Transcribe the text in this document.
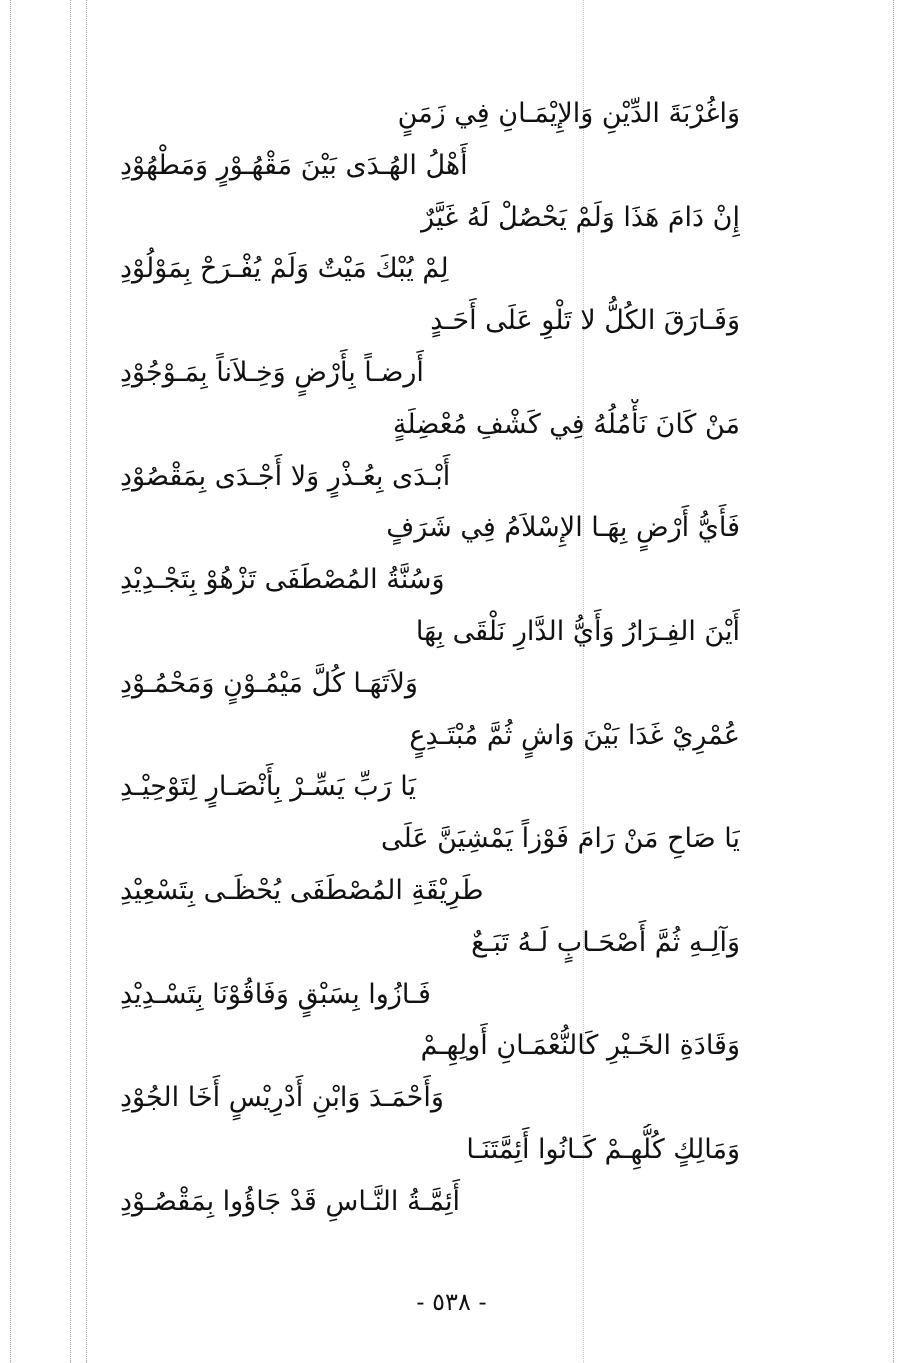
وَاغُرْبَةَ الدِّيْنِ وَالإِيْمَـانِ فِي زَمَنٍ
أَهْلُ الهُـدَى بَيْنَ مَقْهُـوْرٍ وَمَطْهُوْدِ
إِنْ دَامَ هَذَا وَلَمْ يَحْصُلْ لَهُ غَيَّرٌ
لِمْ يُبْكَ مَيْتٌ وَلَمْ يُفْـرَحْ بِمَوْلُوْدِ
وَفَـارَقَ الكُلُّ لا تَلْوِ عَلَى أَحَـدٍ
أَرضـاً بِأَرْضٍ وَخِـلاَناً بِمَـوْجُوْدِ
مَنْ كَانَ نَأْمُلُهُ فِي كَشْفِ مُعْضِلَةٍ
أَبْـدَى بِعُـذْرٍ وَلا أَجْـدَى بِمَقْصُوْدِ
فَأَيُّ أَرْضٍ بِهَـا الإِسْلاَمُ فِي شَرَفٍ
وَسُنَّةُ المُصْطَفَى تَزْهُوْ بِتَجْـدِيْدِ
أَيْنَ الفِـرَارُ وَأَيُّ الدَّارِ نَلْقَى بِهَا
وَلاَتَهَـا كُلَّ مَيْمُـوْنٍ وَمَحْمُـوْدِ
عُمْرِيْ غَدَا بَيْنَ وَاشٍ ثُمَّ مُبْتَـدِعٍ
يَا رَبِّ يَسِّـرْ بِأَنْصَـارٍ لِتَوْحِيْـدِ
يَا صَاحِ مَنْ رَامَ فَوْزاً يَمْشِيَنَّ عَلَى
طَرِيْقَةِ المُصْطَفَى يُحْظَـى بِتَسْعِيْدِ
وَآلِـهِ ثُمَّ أَصْحَـابٍ لَـهُ تَبَـعٌ
فَـازُوا بِسَبْقٍ وَفَاقُوْنَا بِتَسْـدِيْدِ
وَقَادَةِ الخَـيْرِ كَالنُّعْمَـانِ أَولِهِـمْ
وَأَحْمَـدَ وَابْنِ أَدْرِيْسٍ أَخَا الجُوْدِ
وَمَالِكٍ كُلُّهِـمْ كَـانُوا أَئِمَّتَنَـا
أَئِمَّـةُ النَّـاسِ قَدْ جَاؤُوا بِمَقْصُـوْدِ
- ٥٣٨ -
